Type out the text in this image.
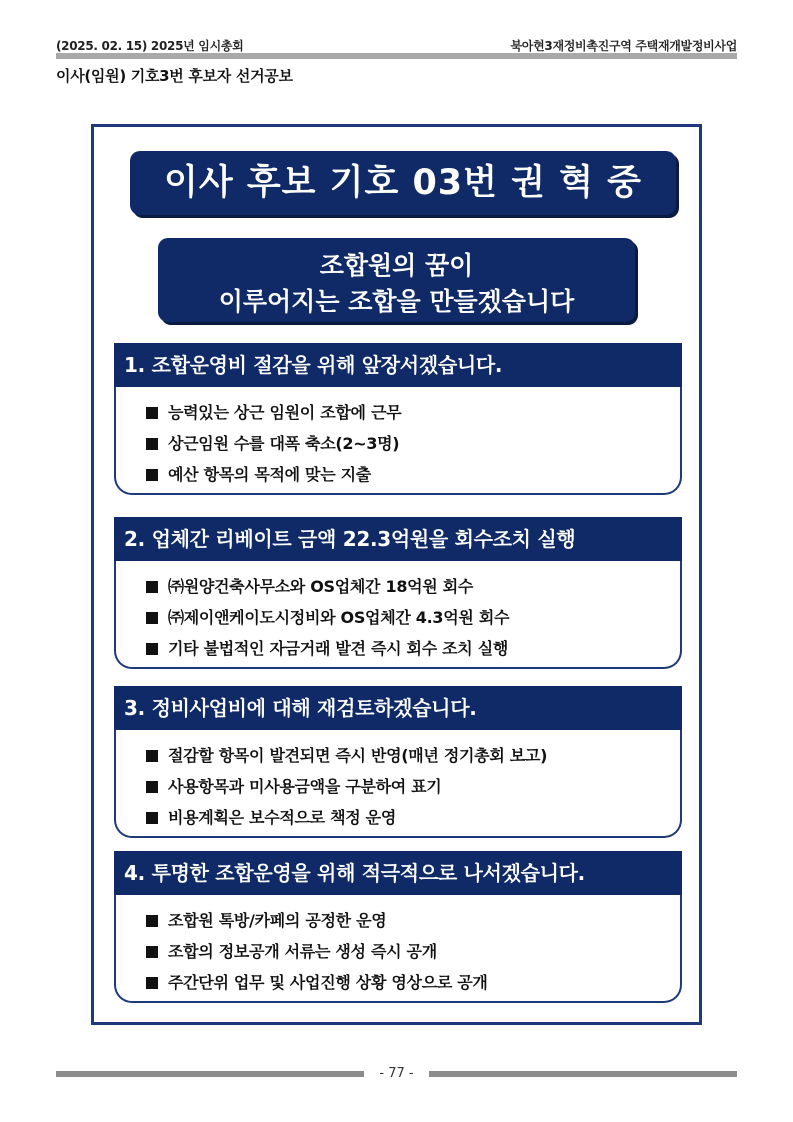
(2025. 02. 15) 2025년 임시총회	북아현3재정비촉진구역 주택재개발정비사업
이사(임원) 기호3번 후보자 선거공보
이사 후보 기호 03번 권 혁 중
조합원의 꿈이
이루어지는 조합을 만들겠습니다
1. 조합운영비 절감을 위해 앞장서겠습니다.
능력있는 상근 임원이 조합에 근무
상근임원 수를 대폭 축소(2~3명)
예산 항목의 목적에 맞는 지출
2. 업체간 리베이트 금액 22.3억원을 회수조치 실행
㈜원양건축사무소와 OS업체간 18억원 회수
㈜제이앤케이도시정비와 OS업체간 4.3억원 회수
기타 불법적인 자금거래 발견 즉시 회수 조치 실행
3. 정비사업비에 대해 재검토하겠습니다.
절감할 항목이 발견되면 즉시 반영(매년 정기총회 보고)
사용항목과 미사용금액을 구분하여 표기
비용계획은 보수적으로 책정 운영
4. 투명한 조합운영을 위해 적극적으로 나서겠습니다.
조합원 톡방/카페의 공정한 운영
조합의 정보공개 서류는 생성 즉시 공개
주간단위 업무 및 사업진행 상황 영상으로 공개
- 77 -
